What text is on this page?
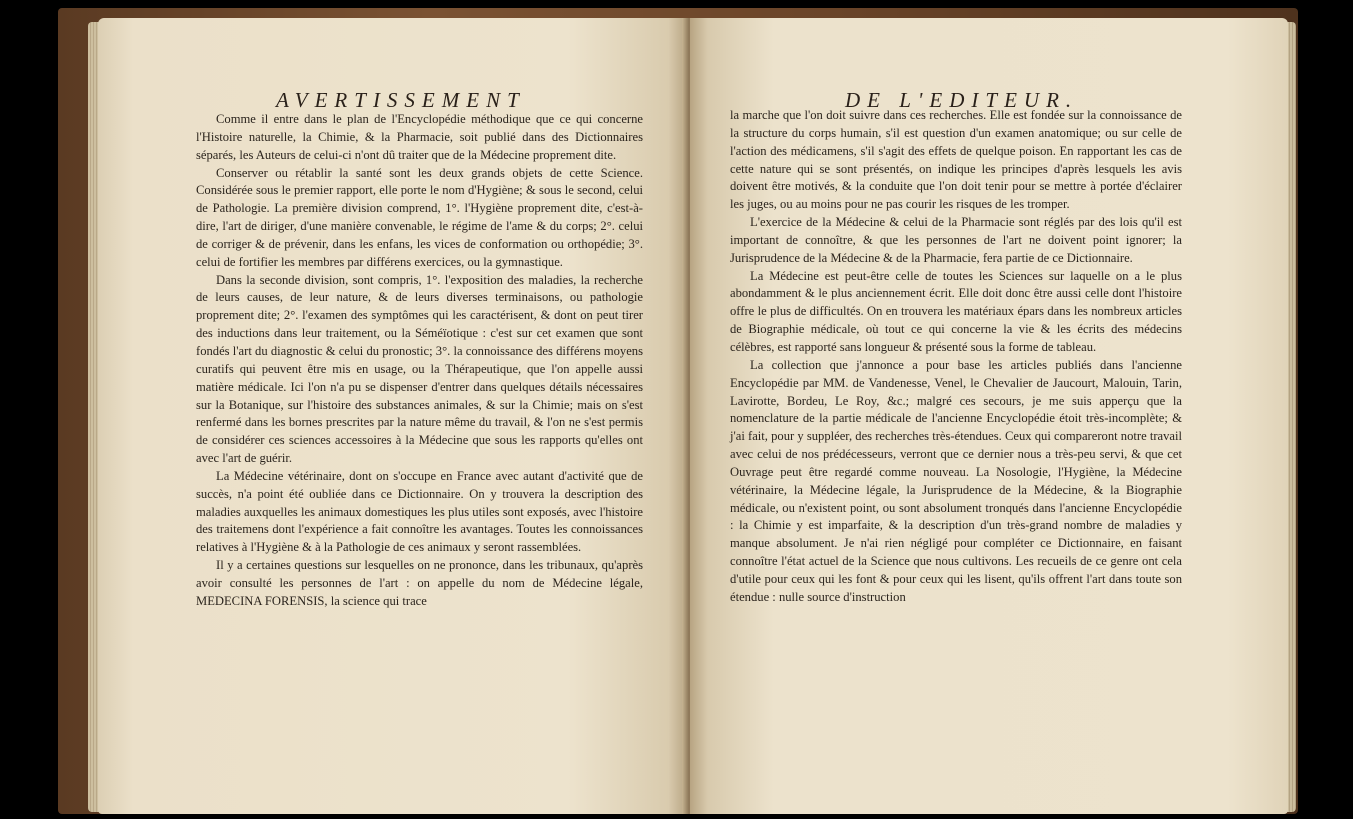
AVERTISSEMENT

Comme il entre dans le plan de l'Encyclopédie méthodique que ce qui concerne l'Histoire naturelle, la Chimie, & la Pharmacie, soit publié dans des Dictionnaires séparés, les Auteurs de celui-ci n'ont dû traiter que de la Médecine proprement dite.

Conserver ou rétablir la santé sont les deux grands objets de cette Science. Considérée sous le premier rapport, elle porte le nom d'Hygiène; & sous le second, celui de Pathologie. La première division comprend, 1°. l'Hygiène proprement dite, c'est-à-dire, l'art de diriger, d'une manière convenable, le régime de l'ame & du corps; 2°. celui de corriger & de prévenir, dans les enfans, les vices de conformation ou orthopédie; 3°. celui de fortifier les membres par différens exercices, ou la gymnastique.

Dans la seconde division, sont compris, 1°. l'exposition des maladies, la recherche de leurs causes, de leur nature, & de leurs diverses terminaisons, ou pathologie proprement dite; 2°. l'examen des symptômes qui les caractérisent, & dont on peut tirer des inductions dans leur traitement, ou la Séméïotique : c'est sur cet examen que sont fondés l'art du diagnostic & celui du pronostic; 3°. la connoissance des différens moyens curatifs qui peuvent être mis en usage, ou la Thérapeutique, que l'on appelle aussi matière médicale. Ici l'on n'a pu se dispenser d'entrer dans quelques détails nécessaires sur la Botanique, sur l'histoire des substances animales, & sur la Chimie; mais on s'est renfermé dans les bornes prescrites par la nature même du travail, & l'on ne s'est permis de considérer ces sciences accessoires à la Médecine que sous les rapports qu'elles ont avec l'art de guérir.

La Médecine vétérinaire, dont on s'occupe en France avec autant d'activité que de succès, n'a point été oubliée dans ce Dictionnaire. On y trouvera la description des maladies auxquelles les animaux domestiques les plus utiles sont exposés, avec l'histoire des traitemens dont l'expérience a fait connoître les avantages. Toutes les connoissances relatives à l'Hygiène & à la Pathologie de ces animaux y seront rassemblées.

Il y a certaines questions sur lesquelles on ne prononce, dans les tribunaux, qu'après avoir consulté les personnes de l'art : on appelle du nom de Médecine légale, MEDECINA FORENSIS, la science qui trace

DE L'EDITEUR.

la marche que l'on doit suivre dans ces recherches. Elle est fondée sur la connoissance de la structure du corps humain, s'il est question d'un examen anatomique; ou sur celle de l'action des médicamens, s'il s'agit des effets de quelque poison. En rapportant les cas de cette nature qui se sont présentés, on indique les principes d'après lesquels les avis doivent être motivés, & la conduite que l'on doit tenir pour se mettre à portée d'éclairer les juges, ou au moins pour ne pas courir les risques de les tromper.

L'exercice de la Médecine & celui de la Pharmacie sont réglés par des lois qu'il est important de connoître, & que les personnes de l'art ne doivent point ignorer; la Jurisprudence de la Médecine & de la Pharmacie, fera partie de ce Dictionnaire.

La Médecine est peut-être celle de toutes les Sciences sur laquelle on a le plus abondamment & le plus anciennement écrit. Elle doit donc être aussi celle dont l'histoire offre le plus de difficultés. On en trouvera les matériaux épars dans les nombreux articles de Biographie médicale, où tout ce qui concerne la vie & les écrits des médecins célèbres, est rapporté sans longueur & présenté sous la forme de tableau.

La collection que j'annonce a pour base les articles publiés dans l'ancienne Encyclopédie par MM. de Vandenesse, Venel, le Chevalier de Jaucourt, Malouin, Tarin, Lavirotte, Bordeu, Le Roy, &c.; malgré ces secours, je me suis apperçu que la nomenclature de la partie médicale de l'ancienne Encyclopédie étoit très-incomplète; & j'ai fait, pour y suppléer, des recherches très-étendues. Ceux qui compareront notre travail avec celui de nos prédécesseurs, verront que ce dernier nous a très-peu servi, & que cet Ouvrage peut être regardé comme nouveau. La Nosologie, l'Hygiène, la Médecine vétérinaire, la Médecine légale, la Jurisprudence de la Médecine, & la Biographie médicale, ou n'existent point, ou sont absolument tronqués dans l'ancienne Encyclopédie : la Chimie y est imparfaite, & la description d'un très-grand nombre de maladies y manque absolument. Je n'ai rien négligé pour compléter ce Dictionnaire, en faisant connoître l'état actuel de la Science que nous cultivons. Les recueils de ce genre ont cela d'utile pour ceux qui les font & pour ceux qui les lisent, qu'ils offrent l'art dans toute son étendue : nulle source d'instruction
